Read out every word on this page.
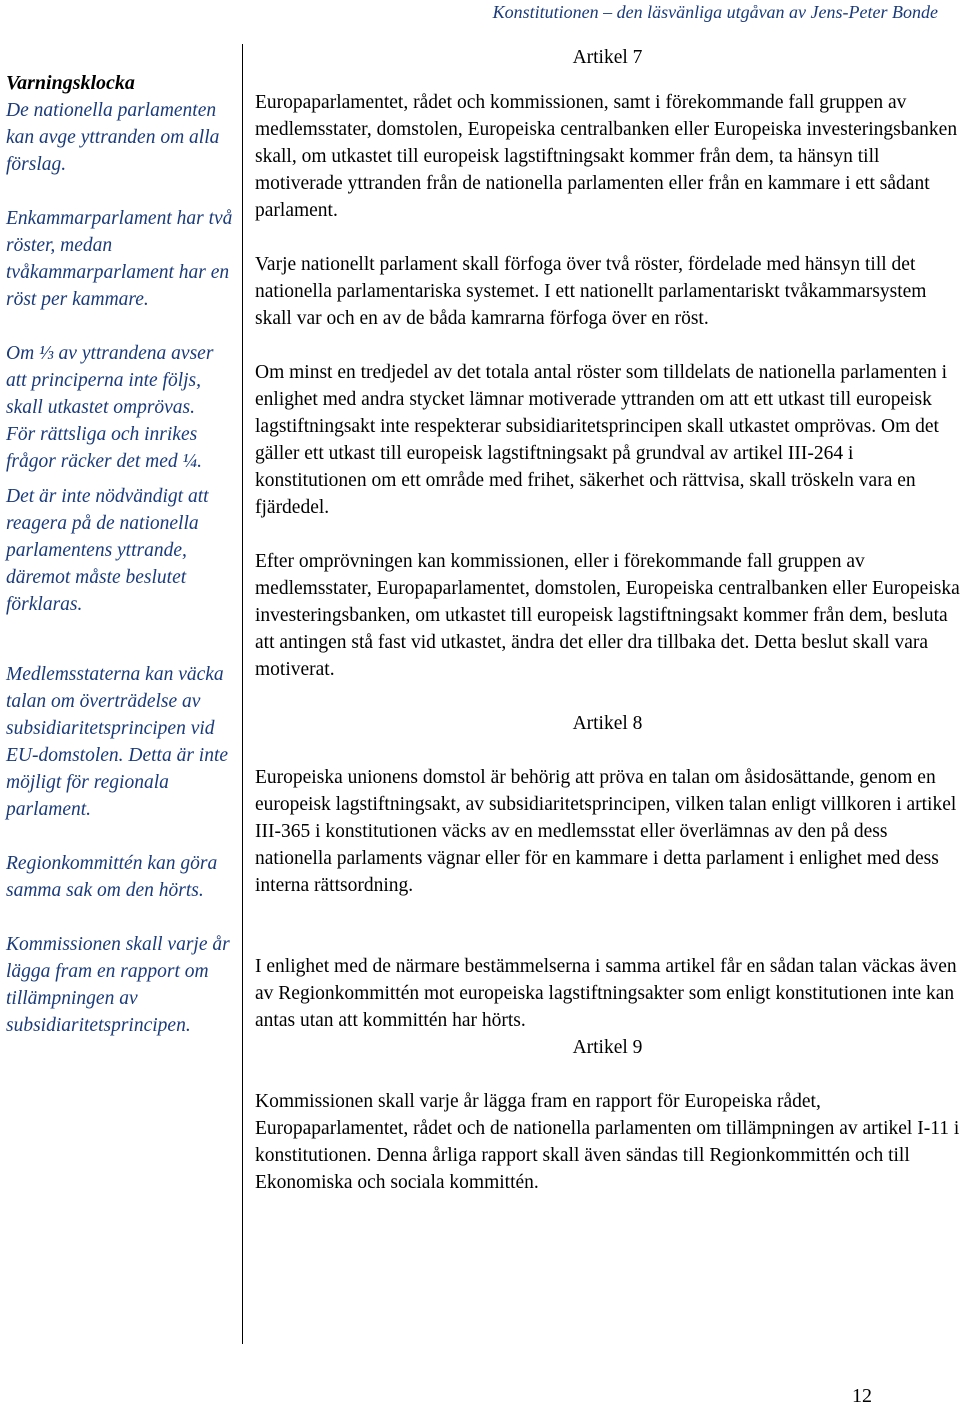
Konstitutionen – den läsvänliga utgåvan av Jens-Peter Bonde
Varningsklocka
De nationella parlamenten kan avge yttranden om alla förslag.
Enkammarparlament har två röster, medan tvåkammarparlament har en röst per kammare.
Om ⅓ av yttrandena avser att principerna inte följs, skall utkastet omprövas.
För rättsliga och inrikes frågor räcker det med ¼.
Det är inte nödvändigt att reagera på de nationella parlamentens yttrande, däremot måste beslutet förklaras.
Medlemsstaterna kan väcka talan om överträdelse av subsidiaritetsprincipen vid EU-domstolen. Detta är inte möjligt för regionala parlament.
Regionkommittén kan göra samma sak om den hörts.
Kommissionen skall varje år lägga fram en rapport om tillämpningen av subsidiaritetsprincipen.

Artikel 7

Europaparlamentet, rådet och kommissionen, samt i förekommande fall gruppen av medlemsstater, domstolen, Europeiska centralbanken eller Europeiska investeringsbanken skall, om utkastet till europeisk lagstiftningsakt kommer från dem, ta hänsyn till motiverade yttranden från de nationella parlamenten eller från en kammare i ett sådant parlament.

Varje nationellt parlament skall förfoga över två röster, fördelade med hänsyn till det nationella parlamentariska systemet. I ett nationellt parlamentariskt tvåkammarsystem skall var och en av de båda kamrarna förfoga över en röst.

Om minst en tredjedel av det totala antal röster som tilldelats de nationella parlamenten i enlighet med andra stycket lämnar motiverade yttranden om att ett utkast till europeisk lagstiftningsakt inte respekterar subsidiaritetsprincipen skall utkastet omprövas. Om det gäller ett utkast till europeisk lagstiftningsakt på grundval av artikel III-264 i konstitutionen om ett område med frihet, säkerhet och rättvisa, skall tröskeln vara en fjärdedel.

Efter omprövningen kan kommissionen, eller i förekommande fall gruppen av medlemsstater, Europaparlamentet, domstolen, Europeiska centralbanken eller Europeiska investeringsbanken, om utkastet till europeisk lagstiftningsakt kommer från dem, besluta att antingen stå fast vid utkastet, ändra det eller dra tillbaka det. Detta beslut skall vara motiverat.

Artikel 8

Europeiska unionens domstol är behörig att pröva en talan om åsidosättande, genom en europeisk lagstiftningsakt, av subsidiaritetsprincipen, vilken talan enligt villkoren i artikel III-365 i konstitutionen väcks av en medlemsstat eller överlämnas av den på dess nationella parlaments vägnar eller för en kammare i detta parlament i enlighet med dess interna rättsordning.

I enlighet med de närmare bestämmelserna i samma artikel får en sådan talan väckas även av Regionkommittén mot europeiska lagstiftningsakter som enligt konstitutionen inte kan antas utan att kommittén har hörts.

Artikel 9

Kommissionen skall varje år lägga fram en rapport för Europeiska rådet, Europaparlamentet, rådet och de nationella parlamenten om tillämpningen av artikel I-11 i konstitutionen. Denna årliga rapport skall även sändas till Regionkommittén och till Ekonomiska och sociala kommittén.

12
